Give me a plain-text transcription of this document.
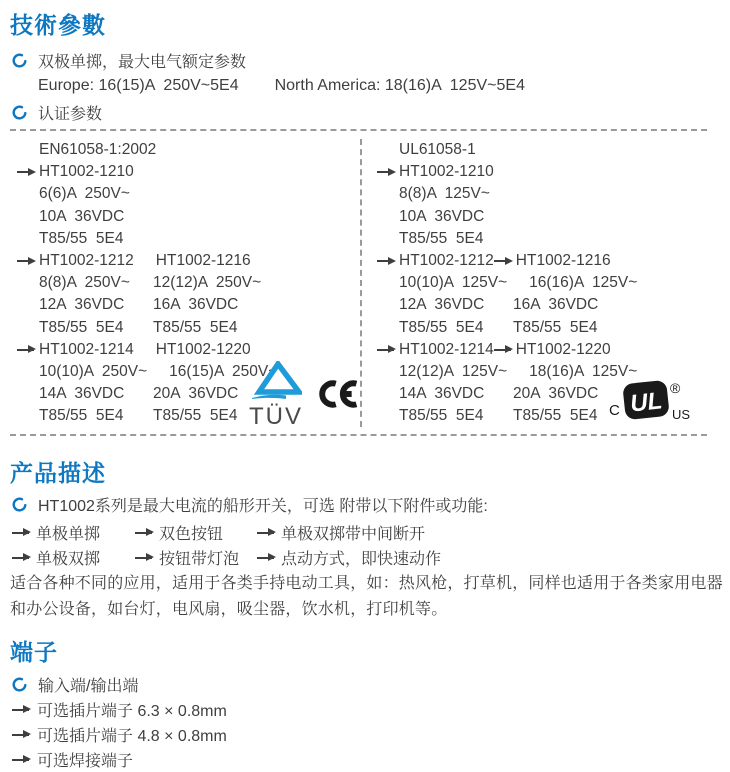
技術參數
双极单掷，最大电气额定参数
Europe: 16(15)A  250V~5E4 North America: 18(16)A  125V~5E4
认证参数
EN61058-1:2002
HT1002-1210
6(6)A  250V~
10A  36VDC
T85/55  5E4
HT1002-1212 HT1002-1216
8(8)A  250V~ 12(12)A  250V~
12A  36VDC	16A  36VDC
T85/55  5E4	T85/55  5E4
HT1002-1214 HT1002-1220
10(10)A  250V~ 16(15)A  250V~
14A  36VDC	20A  36VDC
T85/55  5E4	T85/55  5E4
UL61058-1
HT1002-1210
8(8)A  125V~
10A  36VDC
T85/55  5E4
HT1002-1212 HT1002-1216
10(10)A  125V~ 16(16)A  125V~
12A  36VDC	16A  36VDC
T85/55  5E4	T85/55  5E4
HT1002-1214 HT1002-1220
12(12)A  125V~ 18(16)A  125V~
14A  36VDC	20A  36VDC
T85/55  5E4	T85/55  5E4
TÜV	C UL ®
US
产品描述
HT1002系列是最大电流的船形开关，可选 附带以下附件或功能:
单极单掷	双色按钮	单极双掷带中间断开
单极双掷	按钮带灯泡	点动方式，即快速动作

适合各种不同的应用，适用于各类手持电动工具，如：热风枪，打草机，同样也适用于各类家用电器和办公设备，如台灯，电风扇，吸尘器，饮水机，打印机等。

端子
输入端/输出端
可选插片端子 6.3 × 0.8mm
可选插片端子 4.8 × 0.8mm
可选焊接端子
